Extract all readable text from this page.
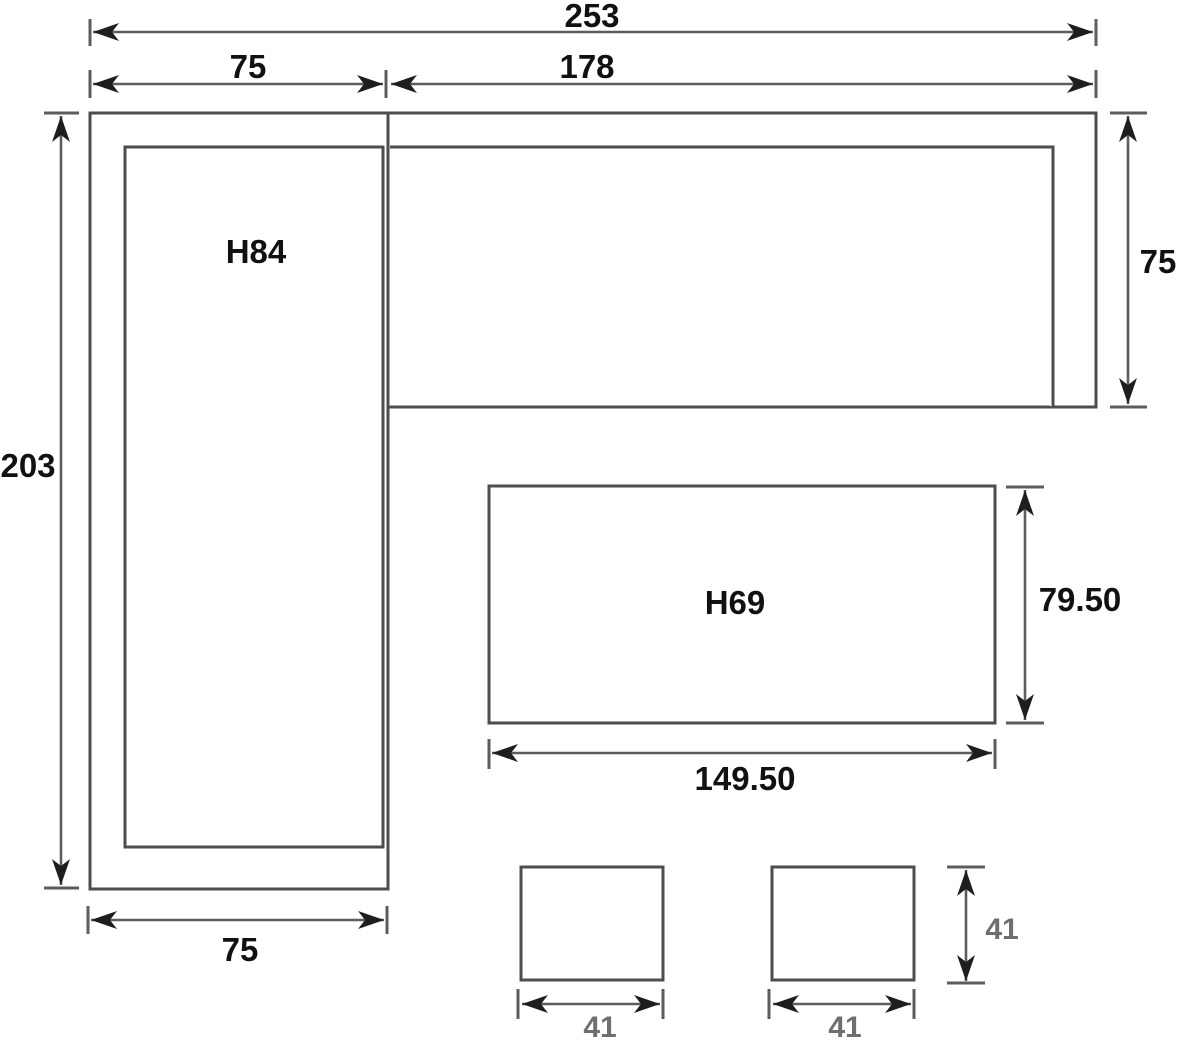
253
75	178
203
75
H84
H69	79.50
149.50
75
41	41
41
